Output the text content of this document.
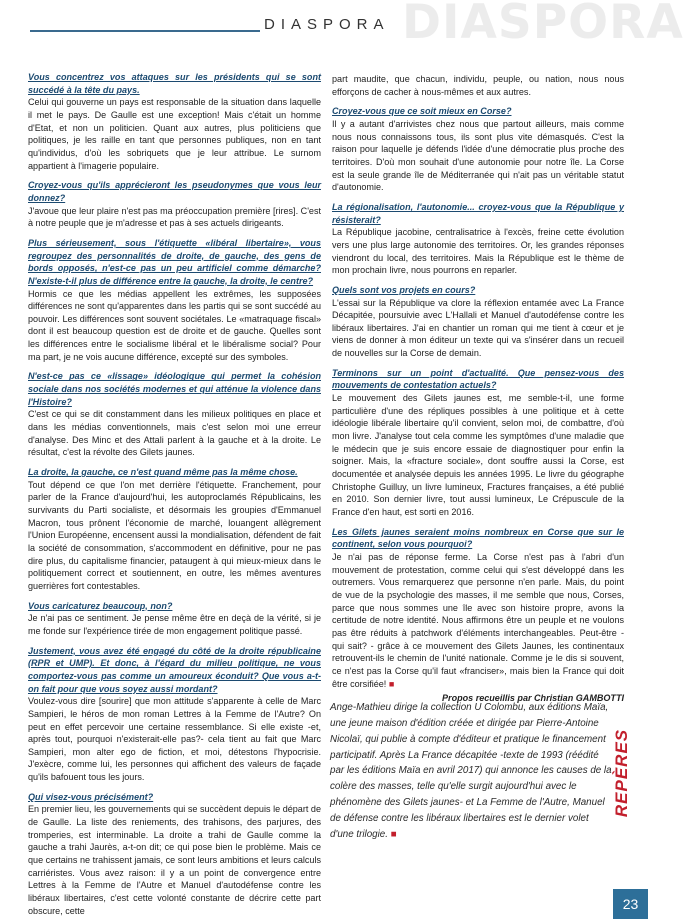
DIASPORA
DIASPORA
Vous concentrez vos attaques sur les présidents qui se sont succédé à la tête du pays.
Celui qui gouverne un pays est responsable de la situation dans laquelle il met le pays. De Gaulle est une exception! Mais c'était un homme d'Etat, et non un politicien. Quant aux autres, plus politiciens que politiques, je les raille en tant que personnes publiques, non en tant qu'individus, d'où les sobriquets que je leur attribue. Le surnom appartient à l'imagerie populaire.
Croyez-vous qu'ils apprécieront les pseudonymes que vous leur donnez?
J'avoue que leur plaire n'est pas ma préoccupation première [rires]. C'est à notre peuple que je m'adresse et pas à ses actuels dirigeants.
Plus sérieusement, sous l'étiquette «libéral libertaire», vous regroupez des personnalités de droite, de gauche, des gens de bords opposés, n'est-ce pas un peu artificiel comme démarche? N'existe-t-il plus de différence entre la gauche, la droite, le centre?
Hormis ce que les médias appellent les extrêmes, les supposées différences ne sont qu'apparentes dans les partis qui se sont succédé au pouvoir. Les différences sont souvent sociétales. Le «matraquage fiscal» dont il est beaucoup question est de droite et de gauche. Quelles sont les différences entre le socialisme libéral et le libéralisme social? Pour ma part, je ne vois aucune différence, excepté sur des symboles.
N'est-ce pas ce «lissage» idéologique qui permet la cohésion sociale dans nos sociétés modernes et qui atténue la violence dans l'Histoire?
C'est ce qui se dit constamment dans les milieux politiques en place et dans les médias conventionnels, mais c'est selon moi une erreur d'analyse. Des Minc et des Attali parlent à la gauche et à la droite. Le résultat, c'est la révolte des Gilets jaunes.
La droite, la gauche, ce n'est quand même pas la même chose.
Tout dépend ce que l'on met derrière l'étiquette. Franchement, pour parler de la France d'aujourd'hui, les autoproclamés Républicains, les survivants du Parti socialiste, et désormais les groupies d'Emmanuel Macron, tous prônent l'économie de marché, louangent allègrement l'Union Européenne, encensent aussi la mondialisation, défendent de fait la société de consommation, s'accommodent en définitive, pour ne pas dire plus, du capitalisme financier, pataugent à qui mieux-mieux dans le politiquement correct et soutiennent, en outre, les mêmes aventures guerrières fort contestables.
Vous caricaturez beaucoup, non?
Je n'ai pas ce sentiment. Je pense même être en deçà de la vérité, si je me fonde sur l'expérience tirée de mon engagement politique passé.
Justement, vous avez été engagé du côté de la droite républicaine (RPR et UMP). Et donc, à l'égard du milieu politique, ne vous comportez-vous pas comme un amoureux éconduit? Que vous a-t-on fait pour que vous soyez aussi mordant?
Voulez-vous dire [sourire] que mon attitude s'apparente à celle de Marc Sampieri, le héros de mon roman Lettres à la Femme de l'Autre? On peut en effet percevoir une certaine ressemblance. Si elle existe -et, après tout, pourquoi n'existerait-elle pas?- cela tient au fait que Marc Sampieri, mon alter ego de fiction, et moi, détestons l'hypocrisie. J'exècre, comme lui, les personnes qui affichent des valeurs de façade qu'ils bafouent tous les jours.
Qui visez-vous précisément?
En premier lieu, les gouvernements qui se succèdent depuis le départ de de Gaulle. La liste des reniements, des trahisons, des parjures, des tromperies, est interminable. La droite a trahi de Gaulle comme la gauche a trahi Jaurès, a-t-on dit; ce qui pose bien le problème. Mais ce que certains ne trahissent jamais, ce sont leurs ambitions et leurs calculs carriéristes. Vous avez raison: il y a un point de convergence entre Lettres à la Femme de l'Autre et Manuel d'autodéfense contre les libéraux libertaires, c'est cette volonté constante de décrire cette part obscure, cette
part maudite, que chacun, individu, peuple, ou nation, nous nous efforçons de cacher à nous-mêmes et aux autres.
Croyez-vous que ce soit mieux en Corse?
Il y a autant d'arrivistes chez nous que partout ailleurs, mais comme nous nous connaissons tous, ils sont plus vite démasqués. C'est la raison pour laquelle je défends l'idée d'une démocratie plus proche des territoires. D'où mon souhait d'une autonomie pour notre île. La Corse est la seule grande île de Méditerranée qui n'ait pas un véritable statut d'autonomie.
La régionalisation, l'autonomie... croyez-vous que la République y résisterait?
La République jacobine, centralisatrice à l'excès, freine cette évolution vers une plus large autonomie des territoires. Or, les grandes réponses viendront du local, des territoires. Mais la République est le thème de mon prochain livre, nous pourrons en reparler.
Quels sont vos projets en cours?
L'essai sur la République va clore la réflexion entamée avec La France Décapitée, poursuivie avec L'Hallali et Manuel d'autodéfense contre les libéraux libertaires. J'ai en chantier un roman qui me tient à cœur et je viens de donner à mon éditeur un texte qui va s'insérer dans un recueil de nouvelles sur la Corse de demain.
Terminons sur un point d'actualité. Que pensez-vous des mouvements de contestation actuels?
Le mouvement des Gilets jaunes est, me semble-t-il, une forme particulière d'une des répliques possibles à une politique et à cette idéologie libérale libertaire qu'il convient, selon moi, de combattre, d'où mon livre. J'analyse tout cela comme les symptômes d'une maladie que le médecin que je suis encore essaie de diagnostiquer pour enfin la soigner. Mais, la «fracture sociale», dont souffre aussi la Corse, est documentée et analysée depuis les années 1995. Le livre du géographe Christophe Guilluy, un livre lumineux, Fractures françaises, a été publié en 2010. Son dernier livre, tout aussi lumineux, Le Crépuscule de la France d'en haut, est sorti en 2016.
Les Gilets jaunes seraient moins nombreux en Corse que sur le continent, selon vous pourquoi?
Je n'ai pas de réponse ferme. La Corse n'est pas à l'abri d'un mouvement de protestation, comme celui qui s'est développé dans les outremers. Vous remarquerez que personne n'en parle. Mais, du point de vue de la psychologie des masses, il me semble que nous, Corses, parce que nous sommes une île avec son histoire propre, avons la certitude de notre identité. Nous affirmons être un peuple et ne voulons pas être réduits à patchwork d'éléments interchangeables. Peut-être - qui sait? - grâce à ce mouvement des Gilets Jaunes, les continentaux retrouvent-ils le chemin de l'unité nationale. Comme je le dis si souvent, ce n'est pas la Corse qu'il faut «franciser», mais bien la France qui doit être corsifiée! ■
Propos recueillis par Christian GAMBOTTI

Ange-Mathieu dirige la collection U Colombu, aux éditions Maïa, une jeune maison d'édition créée et dirigée par Pierre-Antoine Nicolaï, qui publie à compte d'éditeur et pratique le financement participatif. Après La France décapitée -texte de 1993 (réédité par les éditions Maïa en avril 2017) qui annonce les causes de la colère des masses, telle qu'elle surgit aujourd'hui avec le phénomène des Gilets jaunes- et La Femme de l'Autre, Manuel de défense contre les libéraux libertaires est le dernier volet d'une trilogie. ■

REPÈRES
23
